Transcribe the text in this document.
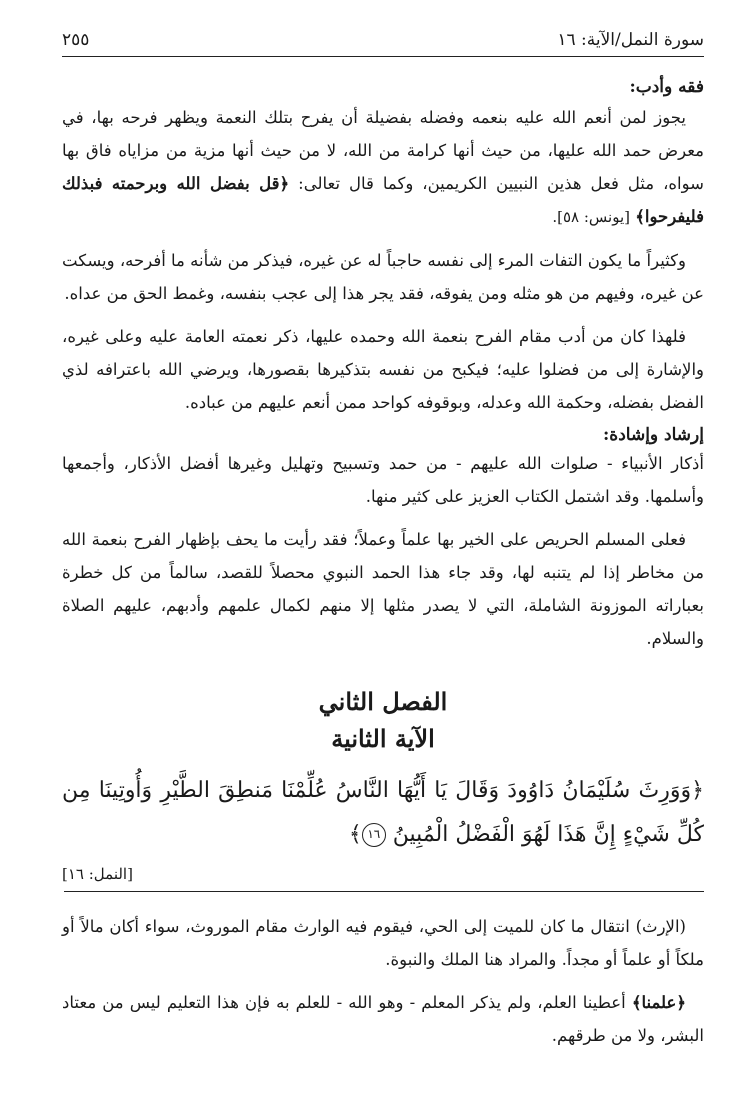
سورة النمل/الآية: ١٦
٢٥٥
فقه وأدب:

يجوز لمن أنعم الله عليه بنعمه وفضله بفضيلة أن يفرح بتلك النعمة ويظهر فرحه بها، في معرض حمد الله عليها، من حيث أنها كرامة من الله، لا من حيث أنها مزية من مزاياه فاق بها سواه، مثل فعل هذين النبيين الكريمين، وكما قال تعالى: ﴿قل بفضل الله وبرحمته فبذلك فليفرحوا﴾ [يونس: ٥٨].

وكثيراً ما يكون التفات المرء إلى نفسه حاجباً له عن غيره، فيذكر من شأنه ما أفرحه، ويسكت عن غيره، وفيهم من هو مثله ومن يفوقه، فقد يجر هذا إلى عجب بنفسه، وغمط الحق من عداه.

فلهذا كان من أدب مقام الفرح بنعمة الله وحمده عليها، ذكر نعمته العامة عليه وعلى غيره، والإشارة إلى من فضلوا عليه؛ فيكبح من نفسه بتذكيرها بقصورها، ويرضي الله باعترافه لذي الفضل بفضله، وحكمة الله وعدله، وبوقوفه كواحد ممن أنعم عليهم من عباده.

إرشاد وإشادة:

أذكار الأنبياء - صلوات الله عليهم - من حمد وتسبيح وتهليل وغيرها أفضل الأذكار، وأجمعها وأسلمها. وقد اشتمل الكتاب العزيز على كثير منها.

فعلى المسلم الحريص على الخير بها علماً وعملاً؛ فقد رأيت ما يحف بإظهار الفرح بنعمة الله من مخاطر إذا لم يتنبه لها، وقد جاء هذا الحمد النبوي محصلاً للقصد، سالماً من كل خطرة بعباراته الموزونة الشاملة، التي لا يصدر مثلها إلا منهم لكمال علمهم وأدبهم، عليهم الصلاة والسلام.

الفصل الثاني
الآية الثانية

﴿وَوَرِثَ سُلَيْمَانُ دَاوُودَ وَقَالَ يَا أَيُّهَا النَّاسُ عُلِّمْنَا مَنطِقَ الطَّيْرِ وَأُوتِينَا مِن كُلِّ شَيْءٍ إِنَّ هَذَا لَهُوَ الْفَضْلُ الْمُبِينُ ١٦﴾

[النمل: ١٦]

(الإرث) انتقال ما كان للميت إلى الحي، فيقوم فيه الوارث مقام الموروث، سواء أكان مالاً أو ملكاً أو علماً أو مجداً. والمراد هنا الملك والنبوة.

﴿علمنا﴾ أعطينا العلم، ولم يذكر المعلم - وهو الله - للعلم به فإن هذا التعليم ليس من معتاد البشر، ولا من طرقهم.
